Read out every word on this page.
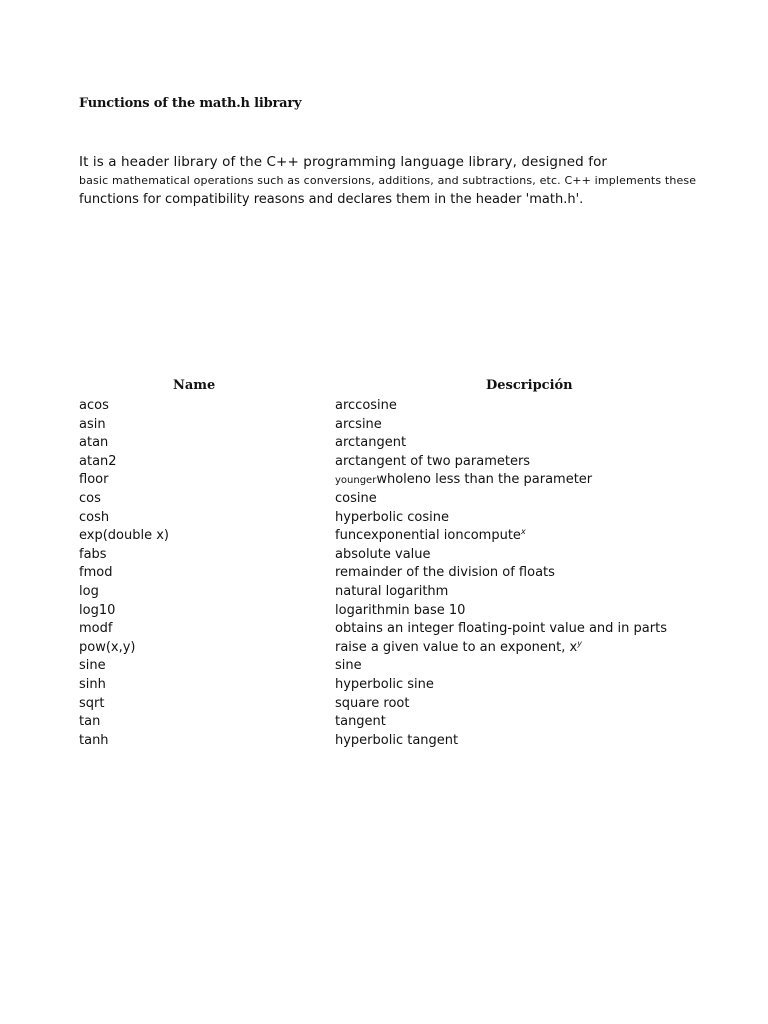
Functions of the math.h library
It is a header library of the C++ programming language library, designed for
basic mathematical operations such as conversions, additions, and subtractions, etc. C++ implements these
functions for compatibility reasons and declares them in the header 'math.h'.
Name	Descripción
acos	arccosine
asin	arcsine
atan	arctangent
atan2	arctangent of two parameters
floor	youngerwholeno less than the parameter
cos	cosine
cosh	hyperbolic cosine
exp(double x)	funcexponential ioncompute$^x$
fabs	absolute value
fmod	remainder of the division of floats
log	natural logarithm
log10	logarithmin base 10
modf	obtains an integer floating-point value and in parts
pow(x,y)	raise a given value to an exponent, $x^y$
sine	sine
sinh	hyperbolic sine
sqrt	square root
tan	tangent
tanh	hyperbolic tangent
